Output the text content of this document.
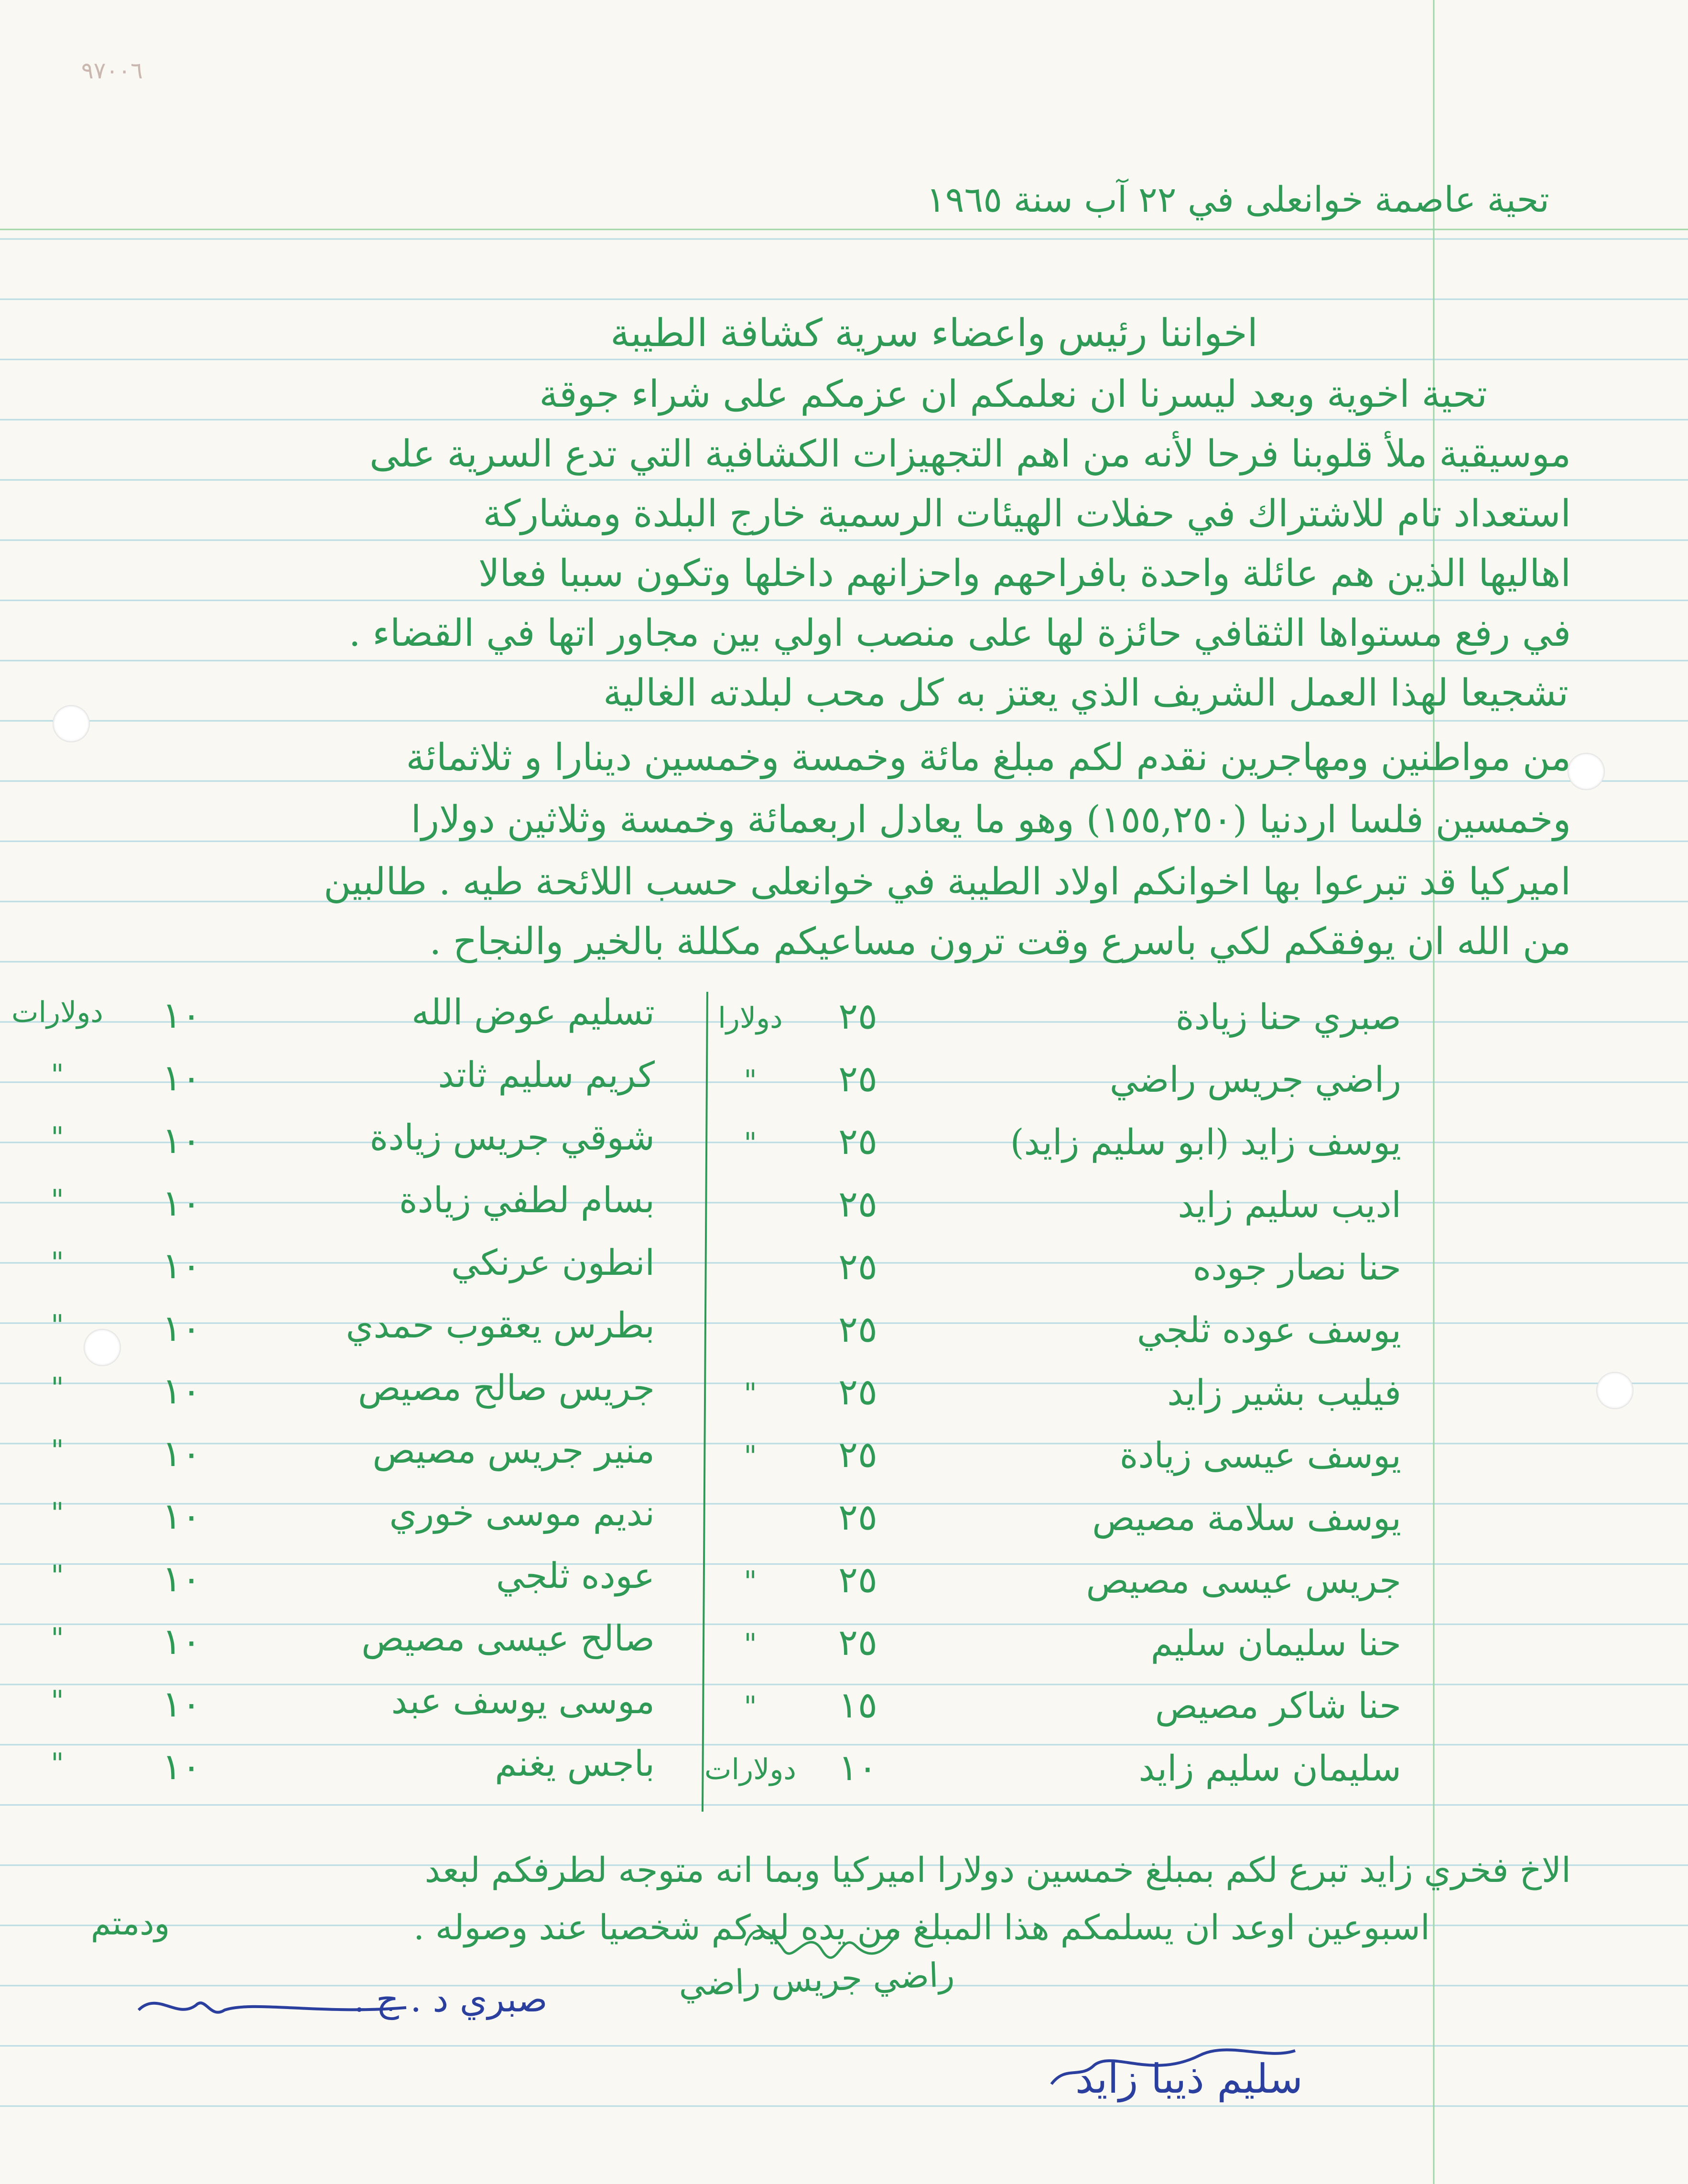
٩٧٠٠٦
تحية عاصمة خوانعلى في ٢٢ آب سنة ١٩٦٥
اخواننا رئيس واعضاء سرية كشافة الطيبة
تحية اخوية وبعد ليسرنا ان نعلمكم ان عزمكم على شراء جوقة
موسيقية ملأ قلوبنا فرحا لأنه من اهم التجهيزات الكشافية التي تدع السرية على
استعداد تام للاشتراك في حفلات الهيئات الرسمية خارج البلدة ومشاركة
اهاليها الذين هم عائلة واحدة بافراحهم واحزانهم داخلها وتكون سببا فعالا
في رفع مستواها الثقافي حائزة لها على منصب اولي بين مجاور اتها في القضاء .
تشجيعا لهذا العمل الشريف الذي يعتز به كل محب لبلدته الغالية
من مواطنين ومهاجرين نقدم لكم مبلغ مائة وخمسة وخمسين دينارا و ثلاثمائة
وخمسين فلسا اردنيا (١٥٥,٢٥٠) وهو ما يعادل اربعمائة وخمسة وثلاثين دولارا
اميركيا قد تبرعوا بها اخوانكم اولاد الطيبة في خوانعلى حسب اللائحة طيه . طالبين
من الله ان يوفقكم لكي باسرع وقت ترون مساعيكم مكللة بالخير والنجاح .
صبري حنا زيادة
٢٥
دولارا
راضي جريس راضي
٢٥
"
يوسف زايد (ابو سليم زايد)
٢٥
"
اديب سليم زايد
٢٥
حنا نصار جوده
٢٥
يوسف عوده ثلجي
٢٥
فيليب بشير زايد
٢٥
"
يوسف عيسى زيادة
٢٥
"
يوسف سلامة مصيص
٢٥
جريس عيسى مصيص
٢٥
"
حنا سليمان سليم
٢٥
"
حنا شاكر مصيص
١٥
"
سليمان سليم زايد
١٠
دولارات
تسليم عوض الله
١٠
دولارات
كريم سليم ثاتد
١٠
"
شوقي جريس زيادة
١٠
"
بسام لطفي زيادة
١٠
"
انطون عرنكي
١٠
"
بطرس يعقوب حمدي
١٠
"
جريس صالح مصيص
١٠
"
منير جريس مصيص
١٠
"
نديم موسى خوري
١٠
"
عوده ثلجي
١٠
"
صالح عيسى مصيص
١٠
"
موسى يوسف عبد
١٠
"
باجس يغنم
١٠
"
الاخ فخري زايد تبرع لكم بمبلغ خمسين دولارا اميركيا وبما انه متوجه لطرفكم لبعد
اسبوعين اوعد ان يسلمكم هذا المبلغ من يده ليدكم شخصيا عند وصوله .
ودمتم
راضي جريس راضي
صبري د . ج .
سليم ذيبا زايد
